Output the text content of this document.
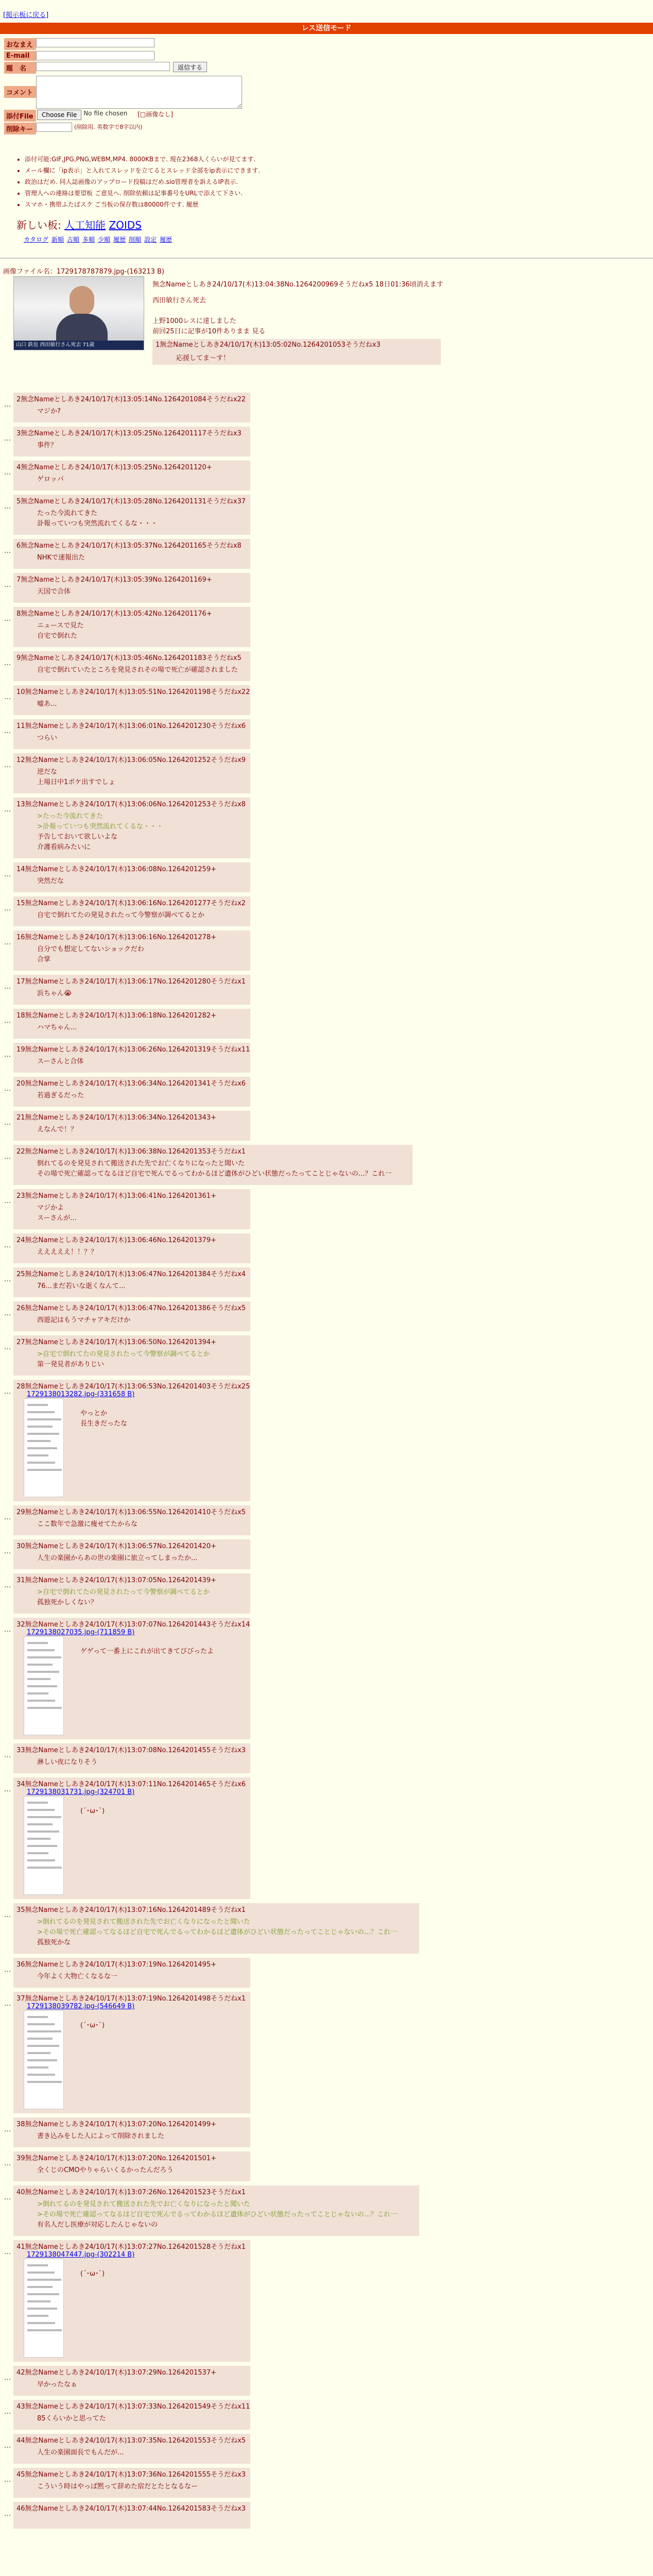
[掲示板に戻る]
レス送信モード
おなまえ
E-mail
題　名	返信する
コメント
添付File	Choose File	No file chosen [□画像なし]
削除キー	(削除用. 英数字で8字以内)
• 添付可能:GIF,JPG,PNG,WEBM,MP4. 8000KBまで. 現在2368人くらいが見てます.
• メール欄に「ip表示」と入れてスレッドを立てるとスレッド全部をip表示にできます.
• 政治はだめ. 同人誌画像のアップロード投稿はだめ.sio管理者を訴えるIP表示.
• 管理人への連絡は要望板 ご意見へ. 削除依頼は記事番号をURLで添えて下さい.
• スマホ・携帯ふたばスク ご当板の保存数は80000件です. 履歴
新しい板: 人工知能 ZOIDS
カタログ 新順 古順 多順 少順 履歴 削順 設定 履歴
画像ファイル名：1729178787879.jpg-(163213 B)
山口 鉄也 西田敏行さん死去 71歳
無念Nameとしあき24/10/17(木)13:04:38No.1264200969そうだねx5 18日01:36頃消えます
西田敏行さん死去

上野1000レスに達しました
前回25日に記事が10件ありまま 見る
1無念Nameとしあき24/10/17(木)13:05:02No.1264201053そうだねx3
応援してま～す！
…
2無念Nameとしあき24/10/17(木)13:05:14No.1264201084そうだねx22
マジか?
…
3無念Nameとしあき24/10/17(木)13:05:25No.1264201117そうだねx3
事件？
…
4無念Nameとしあき24/10/17(木)13:05:25No.1264201120+
ゲロッパ
…
5無念Nameとしあき24/10/17(木)13:05:28No.1264201131そうだねx37
たった今流れてきた
訃報っていつも突然流れてくるな・・・
…
6無念Nameとしあき24/10/17(木)13:05:37No.1264201165そうだねx8
NHKで速報出た
…
7無念Nameとしあき24/10/17(木)13:05:39No.1264201169+
天国で合体
…
8無念Nameとしあき24/10/17(木)13:05:42No.1264201176+
ニュースで見た
自宅で倒れた
…
9無念Nameとしあき24/10/17(木)13:05:46No.1264201183そうだねx5
自宅で倒れていたところを発見されその場で死亡が確認されました
…
10無念Nameとしあき24/10/17(木)13:05:51No.1264201198そうだねx22
嘘あ...
…
11無念Nameとしあき24/10/17(木)13:06:01No.1264201230そうだねx6
つらい
…
12無念Nameとしあき24/10/17(木)13:06:05No.1264201252そうだねx9
逆だな
上場日中1ボケ出すでしょ
…
13無念Nameとしあき24/10/17(木)13:06:06No.1264201253そうだねx8
>たった今流れてきた
>訃報っていつも突然流れてくるな・・・
予告しておいて欲しいよな
介護看病みたいに
…
14無念Nameとしあき24/10/17(木)13:06:08No.1264201259+
突然だな
…
15無念Nameとしあき24/10/17(木)13:06:16No.1264201277そうだねx2
自宅で倒れてたの発見されたって今警察が調べてるとか
…
16無念Nameとしあき24/10/17(木)13:06:16No.1264201278+
自分でも想定してないショックだわ
合掌
…
17無念Nameとしあき24/10/17(木)13:06:17No.1264201280そうだねx1
浜ちゃん😭
…
18無念Nameとしあき24/10/17(木)13:06:18No.1264201282+
ハマちゃん...
…
19無念Nameとしあき24/10/17(木)13:06:26No.1264201319そうだねx11
スーさんと合体
…
20無念Nameとしあき24/10/17(木)13:06:34No.1264201341そうだねx6
若過ぎるだった
…
21無念Nameとしあき24/10/17(木)13:06:34No.1264201343+
えなんで！？
…
22無念Nameとしあき24/10/17(木)13:06:38No.1264201353そうだねx1
倒れてるのを発見されて搬送された先でお亡くなりになったと聞いた
その場で死亡確認ってなるほど自宅で死んでるってわかるほど遺体がひどい状態だったってことじゃないの...？これ一
…
23無念Nameとしあき24/10/17(木)13:06:41No.1264201361+
マジかよ
スーさんが...
…
24無念Nameとしあき24/10/17(木)13:06:46No.1264201379+
えええええ！！？？
…
25無念Nameとしあき24/10/17(木)13:06:47No.1264201384そうだねx4
76...まだ若いな逝くなんて...
…
26無念Nameとしあき24/10/17(木)13:06:47No.1264201386そうだねx5
西遊記はもうマチャアキだけか
…
27無念Nameとしあき24/10/17(木)13:06:50No.1264201394+
>自宅で倒れてたの発見されたって今警察が調べてるとか
第一発見者がありじい
…
28無念Nameとしあき24/10/17(木)13:06:53No.1264201403そうだねx25
1729138013282.jpg-(331658 B)
やっとか
長生きだったな
…
29無念Nameとしあき24/10/17(木)13:06:55No.1264201410そうだねx5
ここ数年で急激に痩せてたからな
…
30無念Nameとしあき24/10/17(木)13:06:57No.1264201420+
人生の楽園からあの世の楽園に旅立ってしまったか...
…
31無念Nameとしあき24/10/17(木)13:07:05No.1264201439+
>自宅で倒れてたの発見されたって今警察が調べてるとか
孤独死かしくない？
…
32無念Nameとしあき24/10/17(木)13:07:07No.1264201443そうだねx14
1729138027035.jpg-(711859 B)
ゲゲって一番上にこれが出てきてびびったよ
…
33無念Nameとしあき24/10/17(木)13:07:08No.1264201455そうだねx3
淋しい夜になりそう
…
34無念Nameとしあき24/10/17(木)13:07:11No.1264201465そうだねx6
1729138031731.jpg-(324701 B)
(´･ω･`)
…
35無念Nameとしあき24/10/17(木)13:07:16No.1264201489そうだねx1
>倒れてるのを発見されて搬送された先でお亡くなりになったと聞いた
>その場で死亡確認ってなるほど自宅で死んでるってわかるほど遺体がひどい状態だったってことじゃないの...？これ一
孤独死かな
…
36無念Nameとしあき24/10/17(木)13:07:19No.1264201495+
今年よく大物亡くなるな一
…
37無念Nameとしあき24/10/17(木)13:07:19No.1264201498そうだねx1
1729138039782.jpg-(546649 B)
(´･ω･`)
…
38無念Nameとしあき24/10/17(木)13:07:20No.1264201499+
書き込みをした人によって削除されました
…
39無念Nameとしあき24/10/17(木)13:07:20No.1264201501+
全くじのCMOやりゃらいくるかったんだろう
…
40無念Nameとしあき24/10/17(木)13:07:26No.1264201523そうだねx1
>倒れてるのを発見されて搬送された先でお亡くなりになったと聞いた
>その場で死亡確認ってなるほど自宅で死んでるってわかるほど遺体がひどい状態だったってことじゃないの...？これ一
有名人だし医療が対応したんじゃないの
…
41無念Nameとしあき24/10/17(木)13:07:27No.1264201528そうだねx1
1729138047447.jpg-(302214 B)
(´･ω･`)
…
42無念Nameとしあき24/10/17(木)13:07:29No.1264201537+
早かったなぁ
…
43無念Nameとしあき24/10/17(木)13:07:33No.1264201549そうだねx11
85くらいかと思ってた
…
44無念Nameとしあき24/10/17(木)13:07:35No.1264201553そうだねx5
人生の楽園面長でもんだが...
…
45無念Nameとしあき24/10/17(木)13:07:36No.1264201555そうだねx3
こういう時はやっぱ黙って辞めた宿だとたとなるなー
…
46無念Nameとしあき24/10/17(木)13:07:44No.1264201583そうだねx3
